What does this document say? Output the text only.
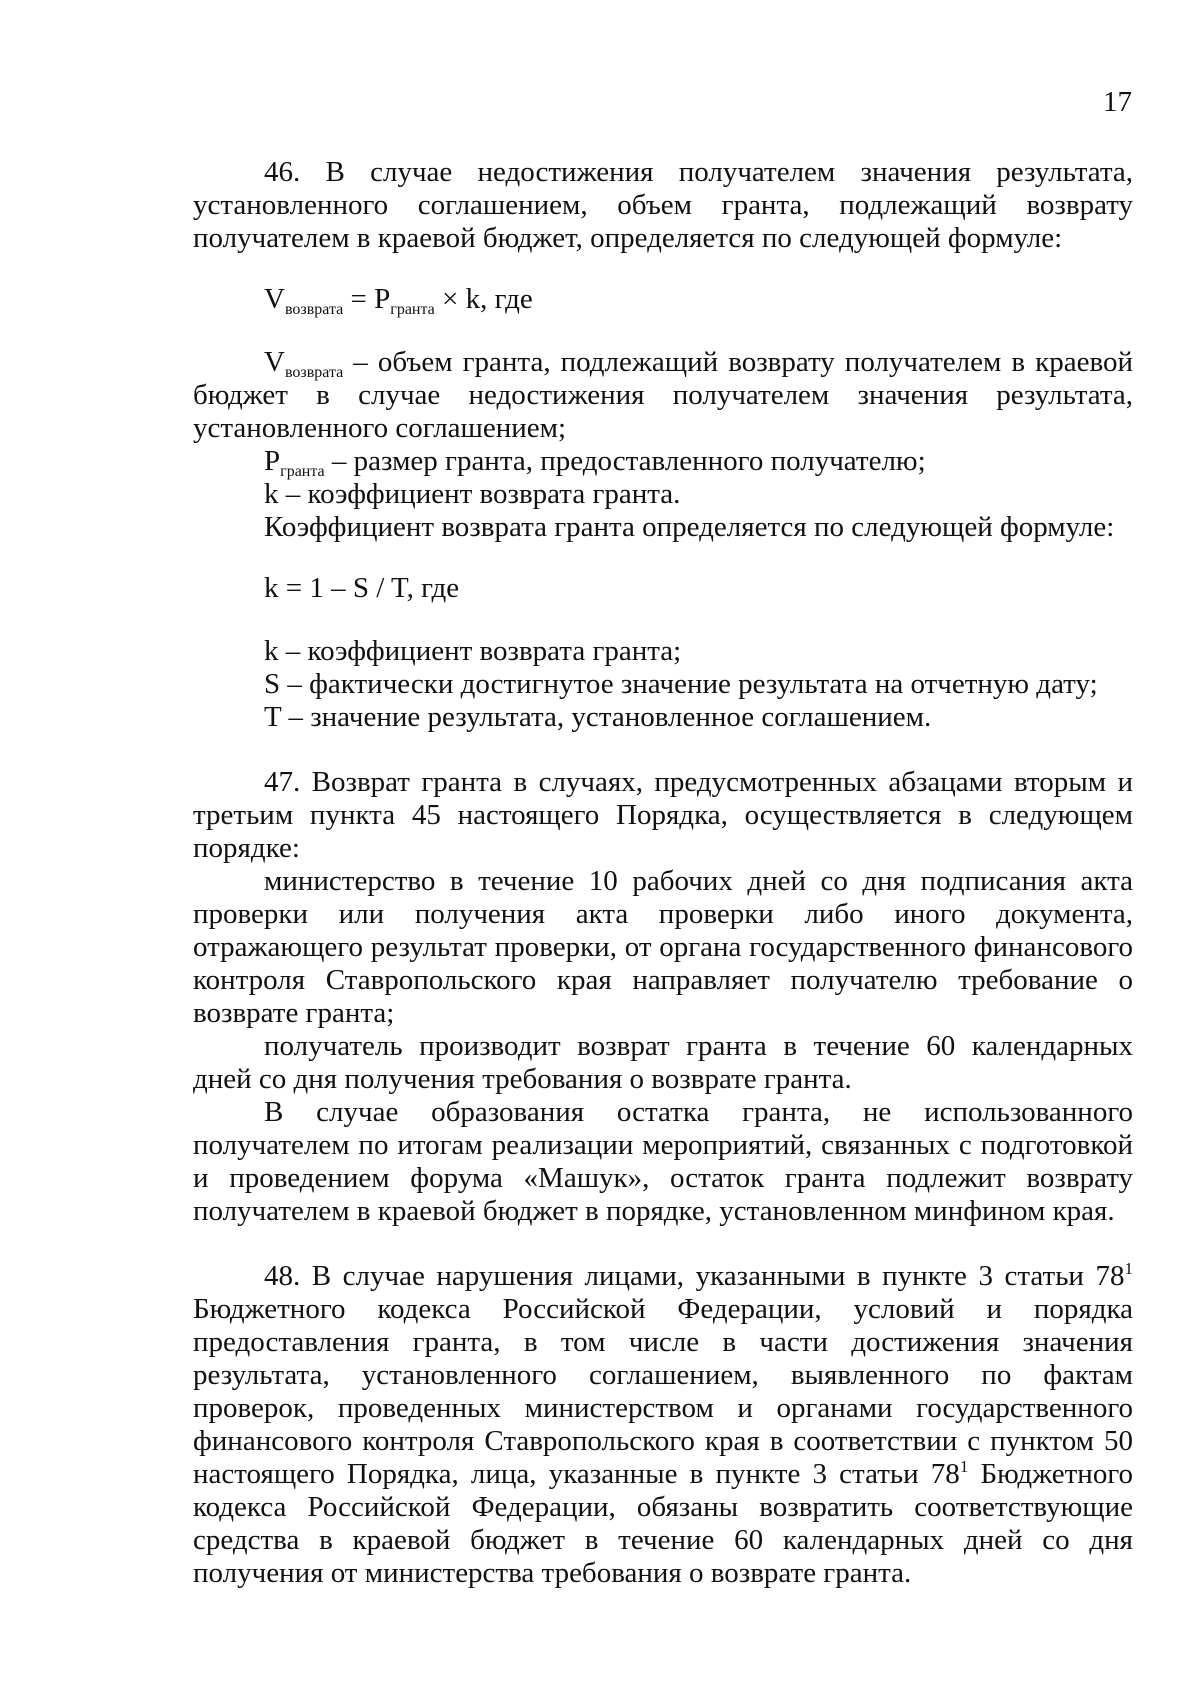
17

46. В случае недостижения получателем значения результата, установленного соглашением, объем гранта, подлежащий возврату получателем в краевой бюджет, определяется по следующей формуле:

$V_{возврата} = P_{гранта} \times k$, где

$V_{возврата}$ – объем гранта, подлежащий возврату получателем в краевой бюджет в случае недостижения получателем значения результата, установленного соглашением;

$P_{гранта}$ – размер гранта, предоставленного получателю;

k – коэффициент возврата гранта.

Коэффициент возврата гранта определяется по следующей формуле:

k = 1 – S / T, где

k – коэффициент возврата гранта;

S – фактически достигнутое значение результата на отчетную дату;

T – значение результата, установленное соглашением.

47. Возврат гранта в случаях, предусмотренных абзацами вторым и третьим пункта 45 настоящего Порядка, осуществляется в следующем порядке:

министерство в течение 10 рабочих дней со дня подписания акта проверки или получения акта проверки либо иного документа, отражающего результат проверки, от органа государственного финансового контроля Ставропольского края направляет получателю требование о возврате гранта;

получатель производит возврат гранта в течение 60 календарных дней со дня получения требования о возврате гранта.

В случае образования остатка гранта, не использованного получателем по итогам реализации мероприятий, связанных с подготовкой и проведением форума «Машук», остаток гранта подлежит возврату получателем в краевой бюджет в порядке, установленном минфином края.

48. В случае нарушения лицами, указанными в пункте 3 статьи $78^1$ Бюджетного кодекса Российской Федерации, условий и порядка предоставления гранта, в том числе в части достижения значения результата, установленного соглашением, выявленного по фактам проверок, проведенных министерством и органами государственного финансового контроля Ставропольского края в соответствии с пунктом 50 настоящего Порядка, лица, указанные в пункте 3 статьи $78^1$ Бюджетного кодекса Российской Федерации, обязаны возвратить соответствующие средства в краевой бюджет в течение 60 календарных дней со дня получения от министерства требования о возврате гранта.
